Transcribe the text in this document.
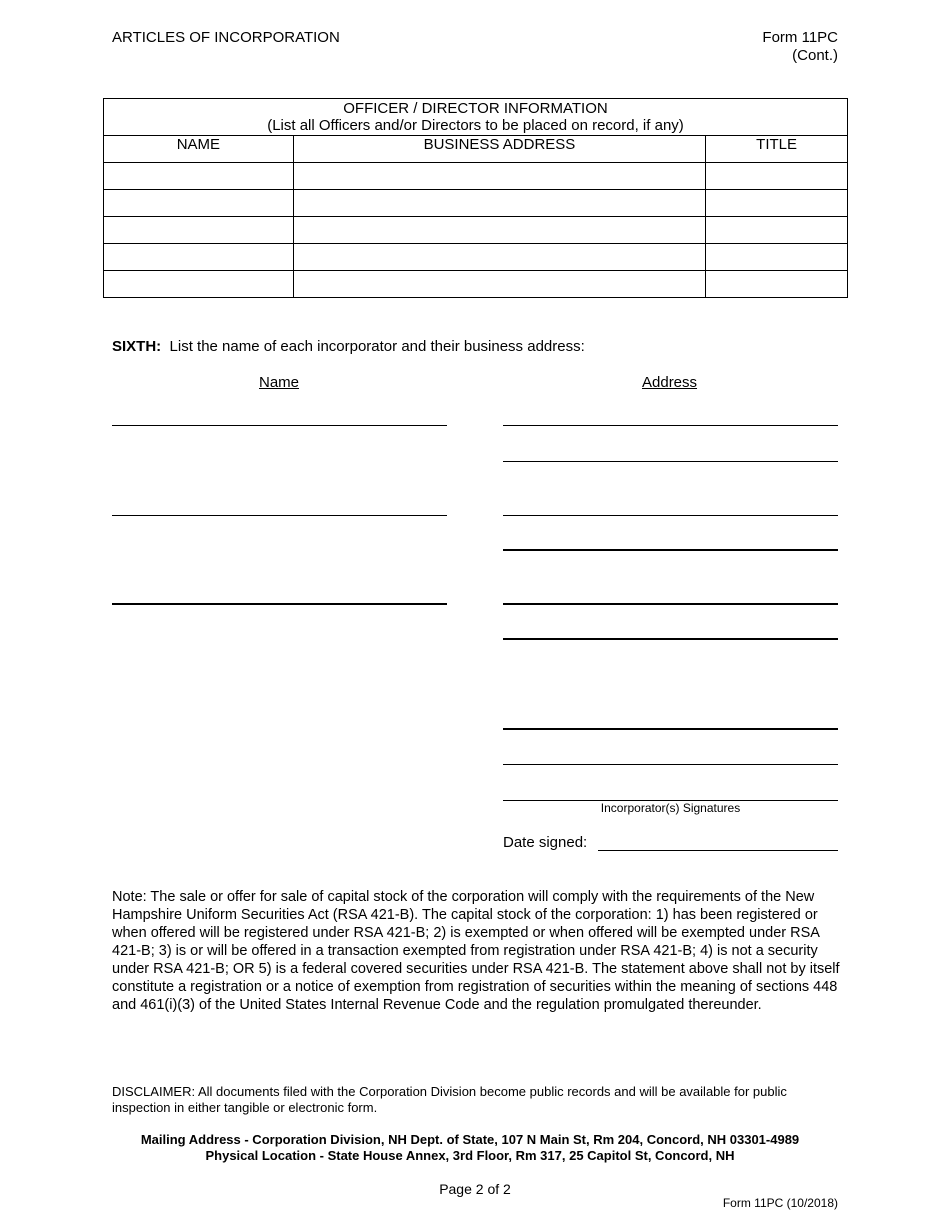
ARTICLES OF INCORPORATION	Form 11PC
(Cont.)
OFFICER / DIRECTOR INFORMATION
(List all Officers and/or Directors to be placed on record, if any)		

NAME	BUSINESS ADDRESS	TITLE

SIXTH: List the name of each incorporator and their business address:
Name	Address
Incorporator(s) Signatures
Date signed:
Note: The sale or offer for sale of capital stock of the corporation will comply with the requirements of the New Hampshire Uniform Securities Act (RSA 421-B). The capital stock of the corporation: 1) has been registered or when offered will be registered under RSA 421-B; 2) is exempted or when offered will be exempted under RSA 421-B; 3) is or will be offered in a transaction exempted from registration under RSA 421-B; 4) is not a security under RSA 421-B; OR 5) is a federal covered securities under RSA 421-B. The statement above shall not by itself constitute a registration or a notice of exemption from registration of securities within the meaning of sections 448 and 461(i)(3) of the United States Internal Revenue Code and the regulation promulgated thereunder.
DISCLAIMER: All documents filed with the Corporation Division become public records and will be available for public inspection in either tangible or electronic form.
Mailing Address - Corporation Division, NH Dept. of State, 107 N Main St, Rm 204, Concord, NH 03301-4989
Physical Location - State House Annex, 3rd Floor, Rm 317, 25 Capitol St, Concord, NH
Page 2 of 2
Form 11PC (10/2018)
